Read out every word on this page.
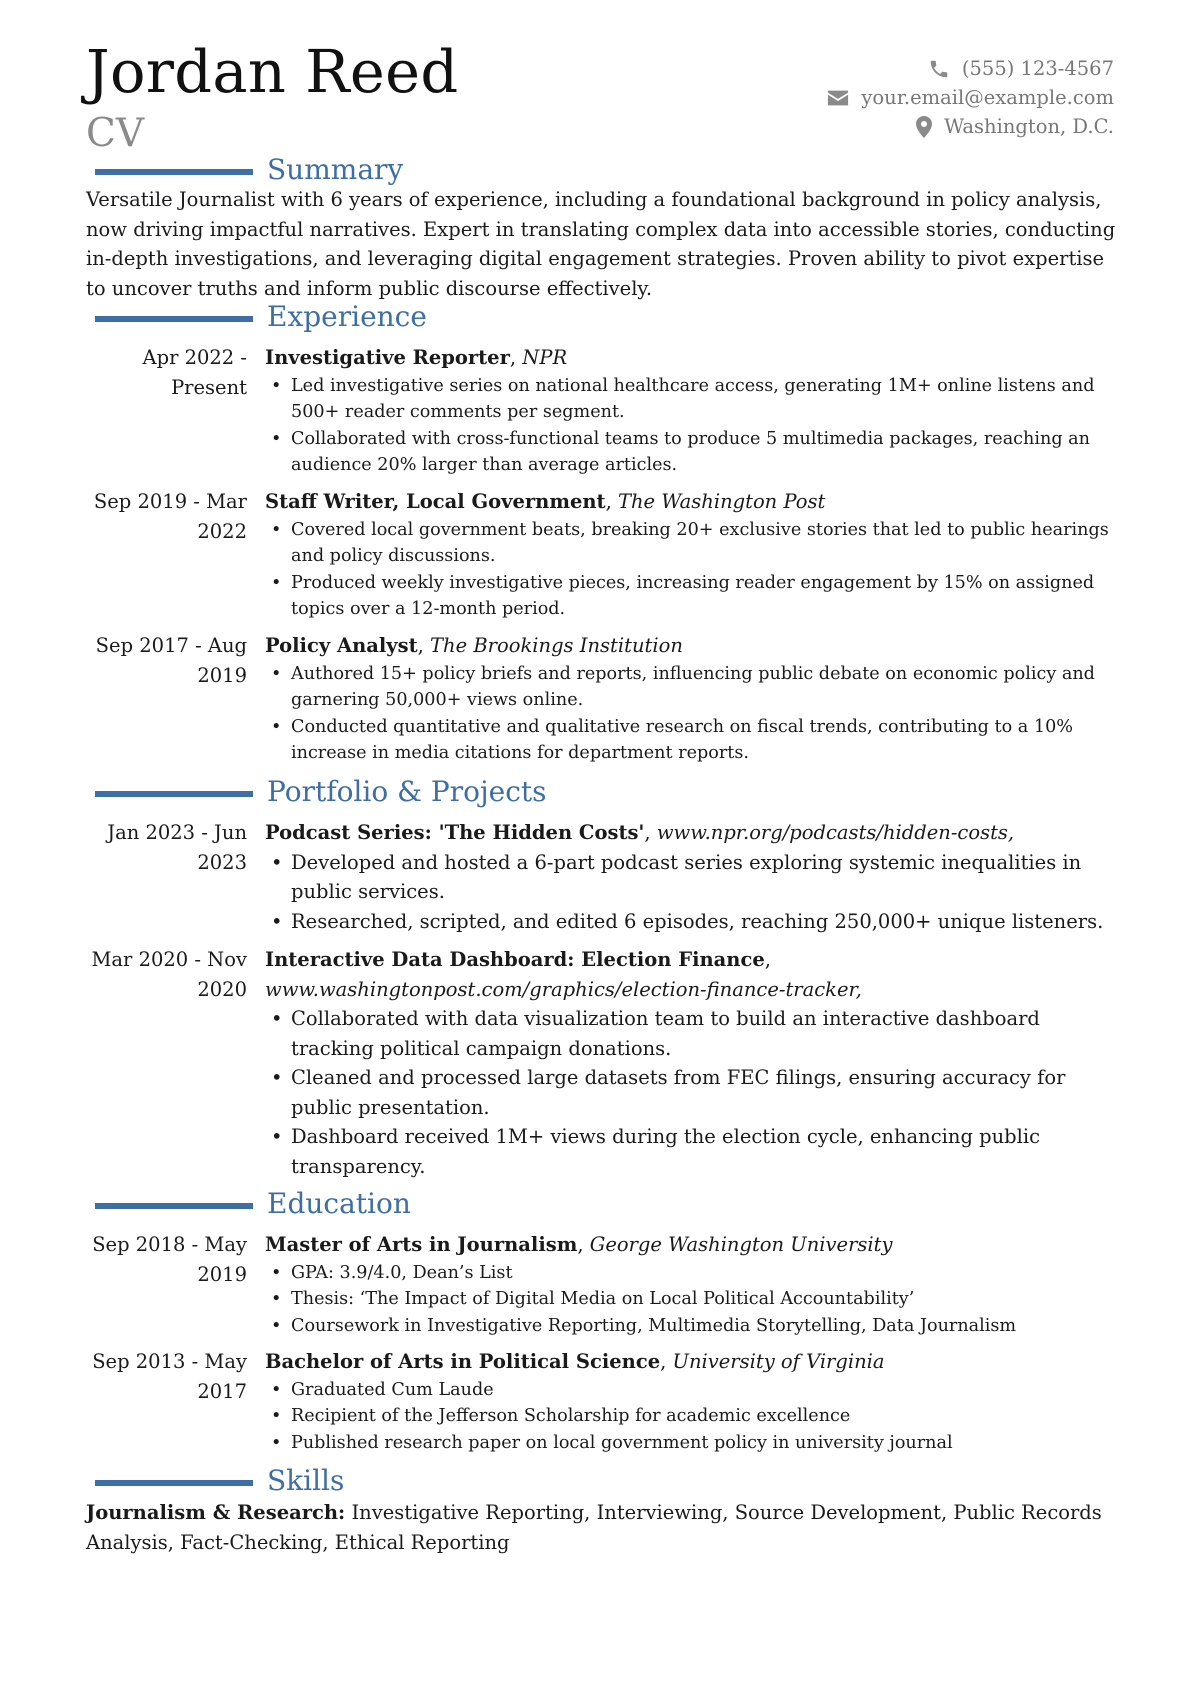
Jordan Reed
CV
(555) 123-4567
your.email@example.com
Washington, D.C.
Summary
Versatile Journalist with 6 years of experience, including a foundational background in policy analysis, now driving impactful narratives. Expert in translating complex data into accessible stories, conducting in-depth investigations, and leveraging digital engagement strategies. Proven ability to pivot expertise to uncover truths and inform public discourse effectively.
Experience
Apr 2022 - Present
Investigative Reporter, NPR
• Led investigative series on national healthcare access, generating 1M+ online listens and 500+ reader comments per segment.
• Collaborated with cross-functional teams to produce 5 multimedia packages, reaching an audience 20% larger than average articles.
Sep 2019 - Mar 2022
Staff Writer, Local Government, The Washington Post
• Covered local government beats, breaking 20+ exclusive stories that led to public hearings and policy discussions.
• Produced weekly investigative pieces, increasing reader engagement by 15% on assigned topics over a 12-month period.
Sep 2017 - Aug 2019
Policy Analyst, The Brookings Institution
• Authored 15+ policy briefs and reports, influencing public debate on economic policy and garnering 50,000+ views online.
• Conducted quantitative and qualitative research on fiscal trends, contributing to a 10% increase in media citations for department reports.
Portfolio & Projects
Jan 2023 - Jun 2023
Podcast Series: 'The Hidden Costs', www.npr.org/podcasts/hidden-costs,
• Developed and hosted a 6-part podcast series exploring systemic inequalities in public services.
• Researched, scripted, and edited 6 episodes, reaching 250,000+ unique listeners.
Mar 2020 - Nov 2020
Interactive Data Dashboard: Election Finance, www.washingtonpost.com/graphics/election-finance-tracker,
• Collaborated with data visualization team to build an interactive dashboard tracking political campaign donations.
• Cleaned and processed large datasets from FEC filings, ensuring accuracy for public presentation.
• Dashboard received 1M+ views during the election cycle, enhancing public transparency.
Education
Sep 2018 - May 2019
Master of Arts in Journalism, George Washington University
• GPA: 3.9/4.0, Dean’s List
• Thesis: ‘The Impact of Digital Media on Local Political Accountability’
• Coursework in Investigative Reporting, Multimedia Storytelling, Data Journalism
Sep 2013 - May 2017
Bachelor of Arts in Political Science, University of Virginia
• Graduated Cum Laude
• Recipient of the Jefferson Scholarship for academic excellence
• Published research paper on local government policy in university journal
Skills
Journalism & Research: Investigative Reporting, Interviewing, Source Development, Public Records Analysis, Fact-Checking, Ethical Reporting
